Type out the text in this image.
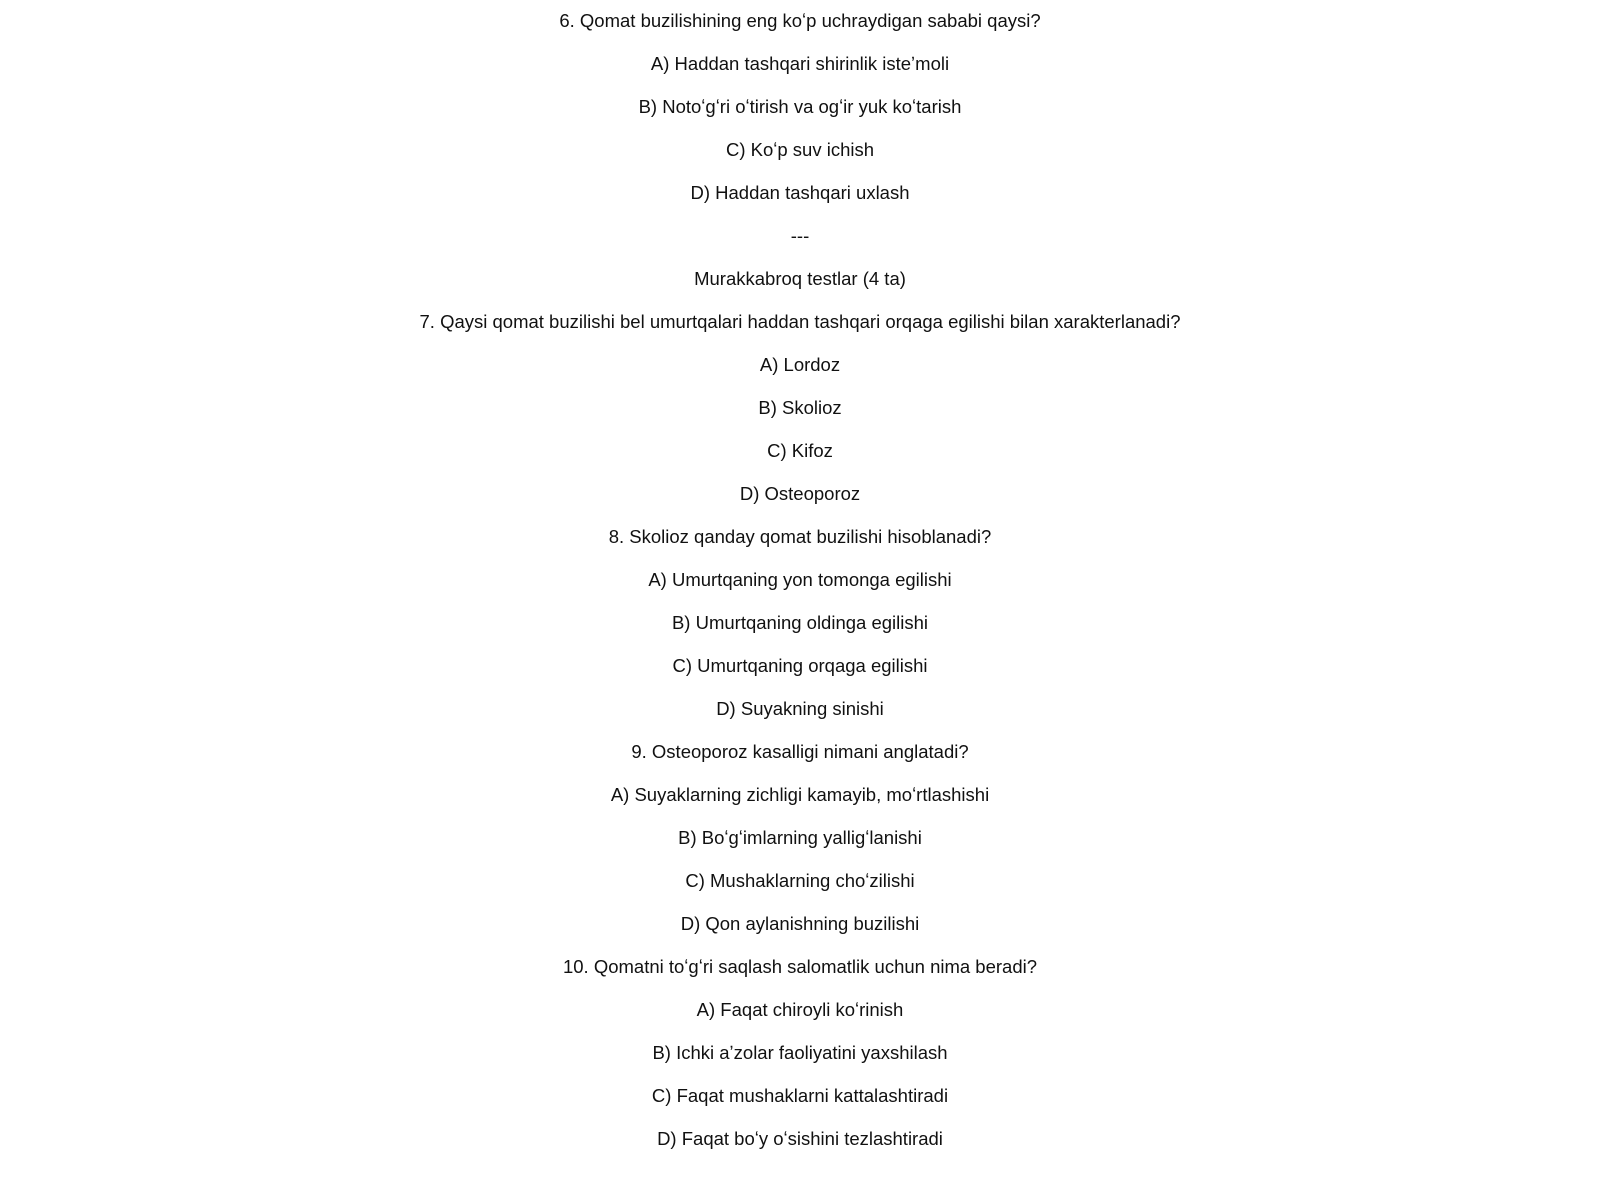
6. Qomat buzilishining eng koʻp uchraydigan sababi qaysi?
A) Haddan tashqari shirinlik isteʼmoli
B) Notoʻgʻri oʻtirish va ogʻir yuk koʻtarish
C) Koʻp suv ichish
D) Haddan tashqari uxlash
---
Murakkabroq testlar (4 ta)
7. Qaysi qomat buzilishi bel umurtqalari haddan tashqari orqaga egilishi bilan xarakterlanadi?
A) Lordoz
B) Skolioz
C) Kifoz
D) Osteoporoz
8. Skolioz qanday qomat buzilishi hisoblanadi?
A) Umurtqaning yon tomonga egilishi
B) Umurtqaning oldinga egilishi
C) Umurtqaning orqaga egilishi
D) Suyakning sinishi
9. Osteoporoz kasalligi nimani anglatadi?
A) Suyaklarning zichligi kamayib, moʻrtlashishi
B) Boʻgʻimlarning yalligʻlanishi
C) Mushaklarning choʻzilishi
D) Qon aylanishning buzilishi
10. Qomatni toʻgʻri saqlash salomatlik uchun nima beradi?
A) Faqat chiroyli koʻrinish
B) Ichki aʼzolar faoliyatini yaxshilash
C) Faqat mushaklarni kattalashtiradi
D) Faqat boʻy oʻsishini tezlashtiradi
